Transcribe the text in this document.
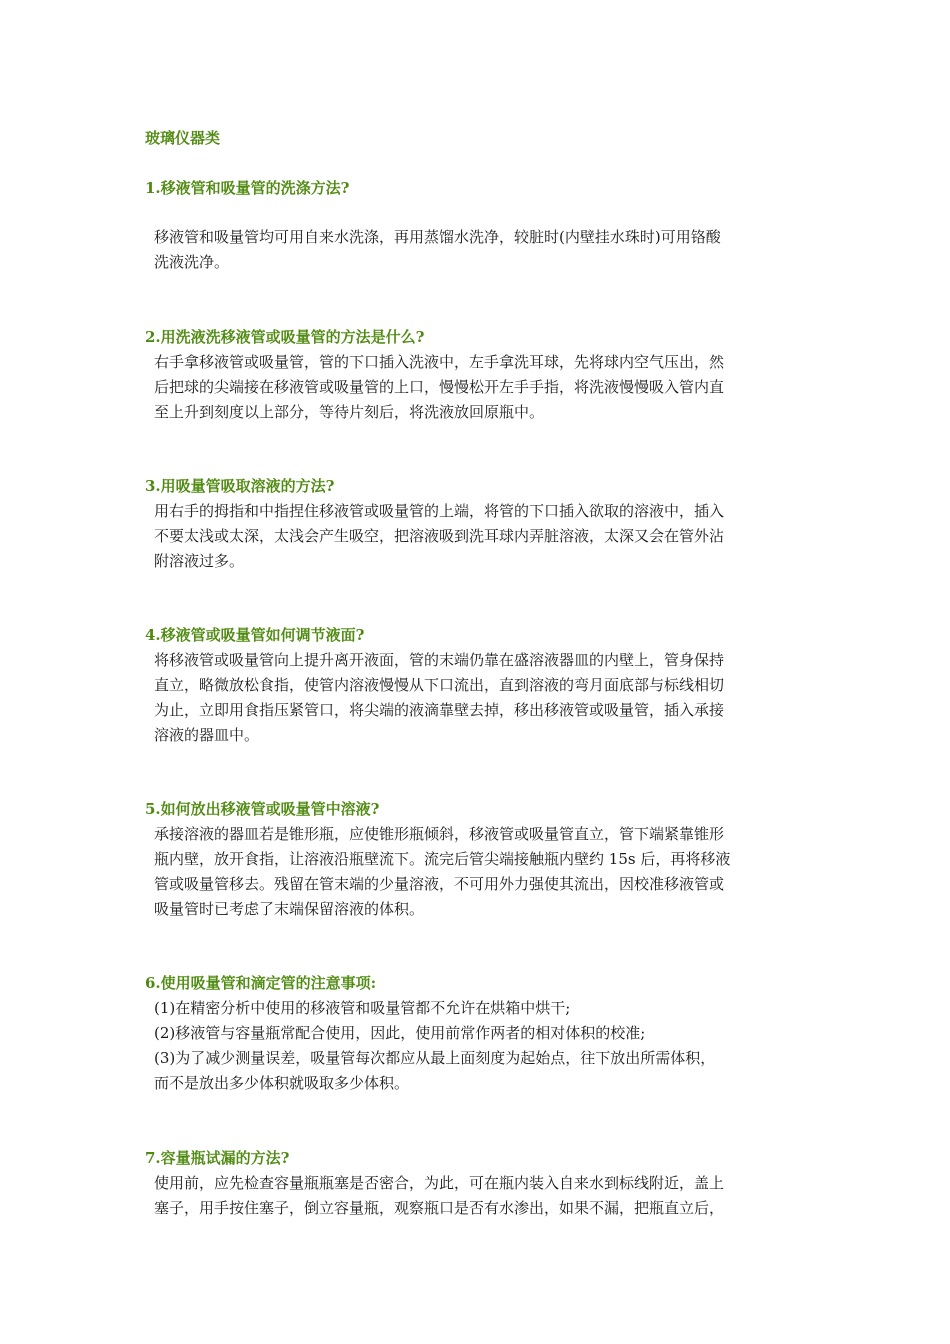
玻璃仪器类
1.移液管和吸量管的洗涤方法?
移液管和吸量管均可用自来水洗涤，再用蒸馏水洗净，较脏时(内壁挂水珠时)可用铬酸
洗液洗净。
2.用洗液洗移液管或吸量管的方法是什么?
右手拿移液管或吸量管，管的下口插入洗液中，左手拿洗耳球，先将球内空气压出，然
后把球的尖端接在移液管或吸量管的上口，慢慢松开左手手指，将洗液慢慢吸入管内直
至上升到刻度以上部分，等待片刻后，将洗液放回原瓶中。
3.用吸量管吸取溶液的方法?
用右手的拇指和中指捏住移液管或吸量管的上端，将管的下口插入欲取的溶液中，插入
不要太浅或太深，太浅会产生吸空，把溶液吸到洗耳球内弄脏溶液，太深又会在管外沾
附溶液过多。
4.移液管或吸量管如何调节液面?
将移液管或吸量管向上提升离开液面，管的末端仍靠在盛溶液器皿的内壁上，管身保持
直立，略微放松食指，使管内溶液慢慢从下口流出，直到溶液的弯月面底部与标线相切
为止，立即用食指压紧管口，将尖端的液滴靠壁去掉，移出移液管或吸量管，插入承接
溶液的器皿中。
5.如何放出移液管或吸量管中溶液?
承接溶液的器皿若是锥形瓶，应使锥形瓶倾斜，移液管或吸量管直立，管下端紧靠锥形
瓶内壁，放开食指，让溶液沿瓶壁流下。流完后管尖端接触瓶内壁约 15s 后，再将移液
管或吸量管移去。残留在管末端的少量溶液，不可用外力强使其流出，因校准移液管或
吸量管时已考虑了末端保留溶液的体积。
6.使用吸量管和滴定管的注意事项:
(1)在精密分析中使用的移液管和吸量管都不允许在烘箱中烘干;
(2)移液管与容量瓶常配合使用，因此，使用前常作两者的相对体积的校准;
(3)为了减少测量误差，吸量管每次都应从最上面刻度为起始点，往下放出所需体积，
而不是放出多少体积就吸取多少体积。
7.容量瓶试漏的方法?
使用前，应先检查容量瓶瓶塞是否密合，为此，可在瓶内装入自来水到标线附近，盖上
塞子，用手按住塞子，倒立容量瓶，观察瓶口是否有水渗出，如果不漏，把瓶直立后，
